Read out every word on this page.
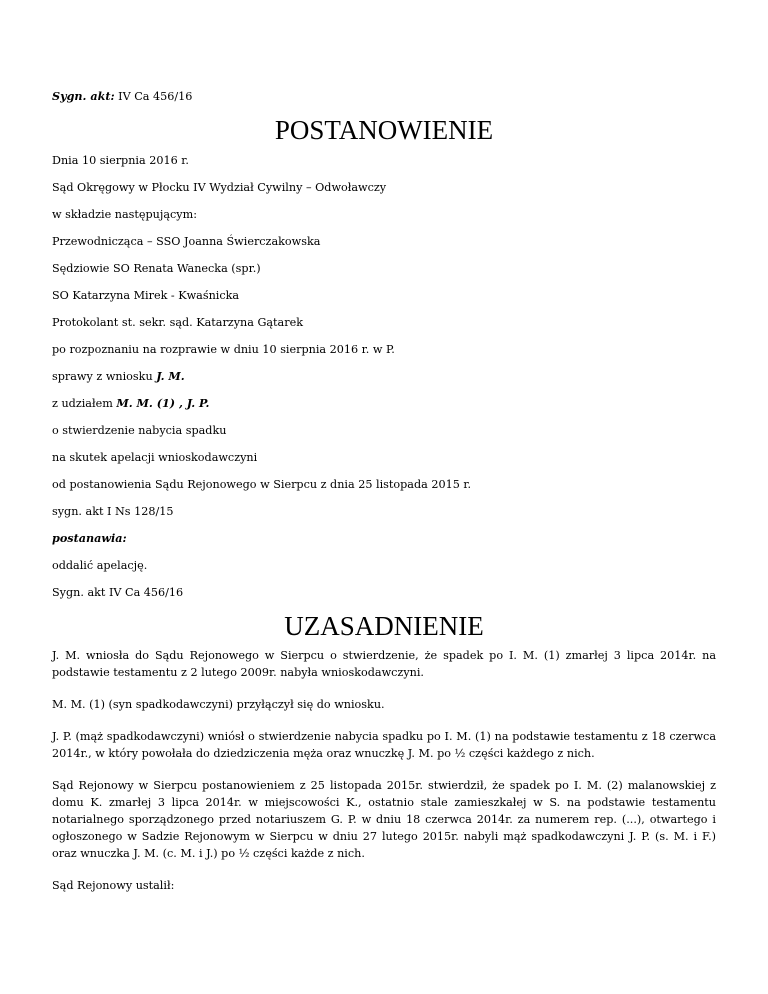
Sygn. akt: IV Ca 456/16

POSTANOWIENIE

Dnia 10 sierpnia 2016 r.

Sąd Okręgowy w Płocku IV Wydział Cywilny – Odwoławczy

w składzie następującym:

Przewodnicząca – SSO Joanna Świerczakowska

Sędziowie SO Renata Wanecka (spr.)

SO Katarzyna Mirek - Kwaśnicka

Protokolant st. sekr. sąd. Katarzyna Gątarek

po rozpoznaniu na rozprawie w dniu 10 sierpnia 2016 r. w P.

sprawy z wniosku J. M.

z udziałem M. M. (1) , J. P.

o stwierdzenie nabycia spadku

na skutek apelacji wnioskodawczyni

od postanowienia Sądu Rejonowego w Sierpcu z dnia 25 listopada 2015 r.

sygn. akt I Ns 128/15

postanawia:

oddalić apelację.

Sygn. akt IV Ca 456/16

UZASADNIENIE

J. M. wniosła do Sądu Rejonowego w Sierpcu o stwierdzenie, że spadek po I. M. (1) zmarłej 3 lipca 2014r. na podstawie testamentu z 2 lutego 2009r. nabyła wnioskodawczyni.

M. M. (1) (syn spadkodawczyni) przyłączył się do wniosku.

J. P. (mąż spadkodawczyni) wniósł o stwierdzenie nabycia spadku po I. M. (1) na podstawie testamentu z 18 czerwca 2014r., w który powołała do dziedziczenia męża oraz wnuczkę J. M. po ½ części każdego z nich.

Sąd Rejonowy w Sierpcu postanowieniem z 25 listopada 2015r. stwierdził, że spadek po I. M. (2) malanowskiej z domu K. zmarłej 3 lipca 2014r. w miejscowości K., ostatnio stale zamieszkałej w S. na podstawie testamentu notarialnego sporządzonego przed notariuszem G. P. w dniu 18 czerwca 2014r. za numerem rep. (...), otwartego i ogłoszonego w Sadzie Rejonowym w Sierpcu w dniu 27 lutego 2015r. nabyli mąż spadkodawczyni J. P. (s. M. i F.) oraz wnuczka J. M. (c. M. i J.) po ½ części każde z nich.

Sąd Rejonowy ustalił:
